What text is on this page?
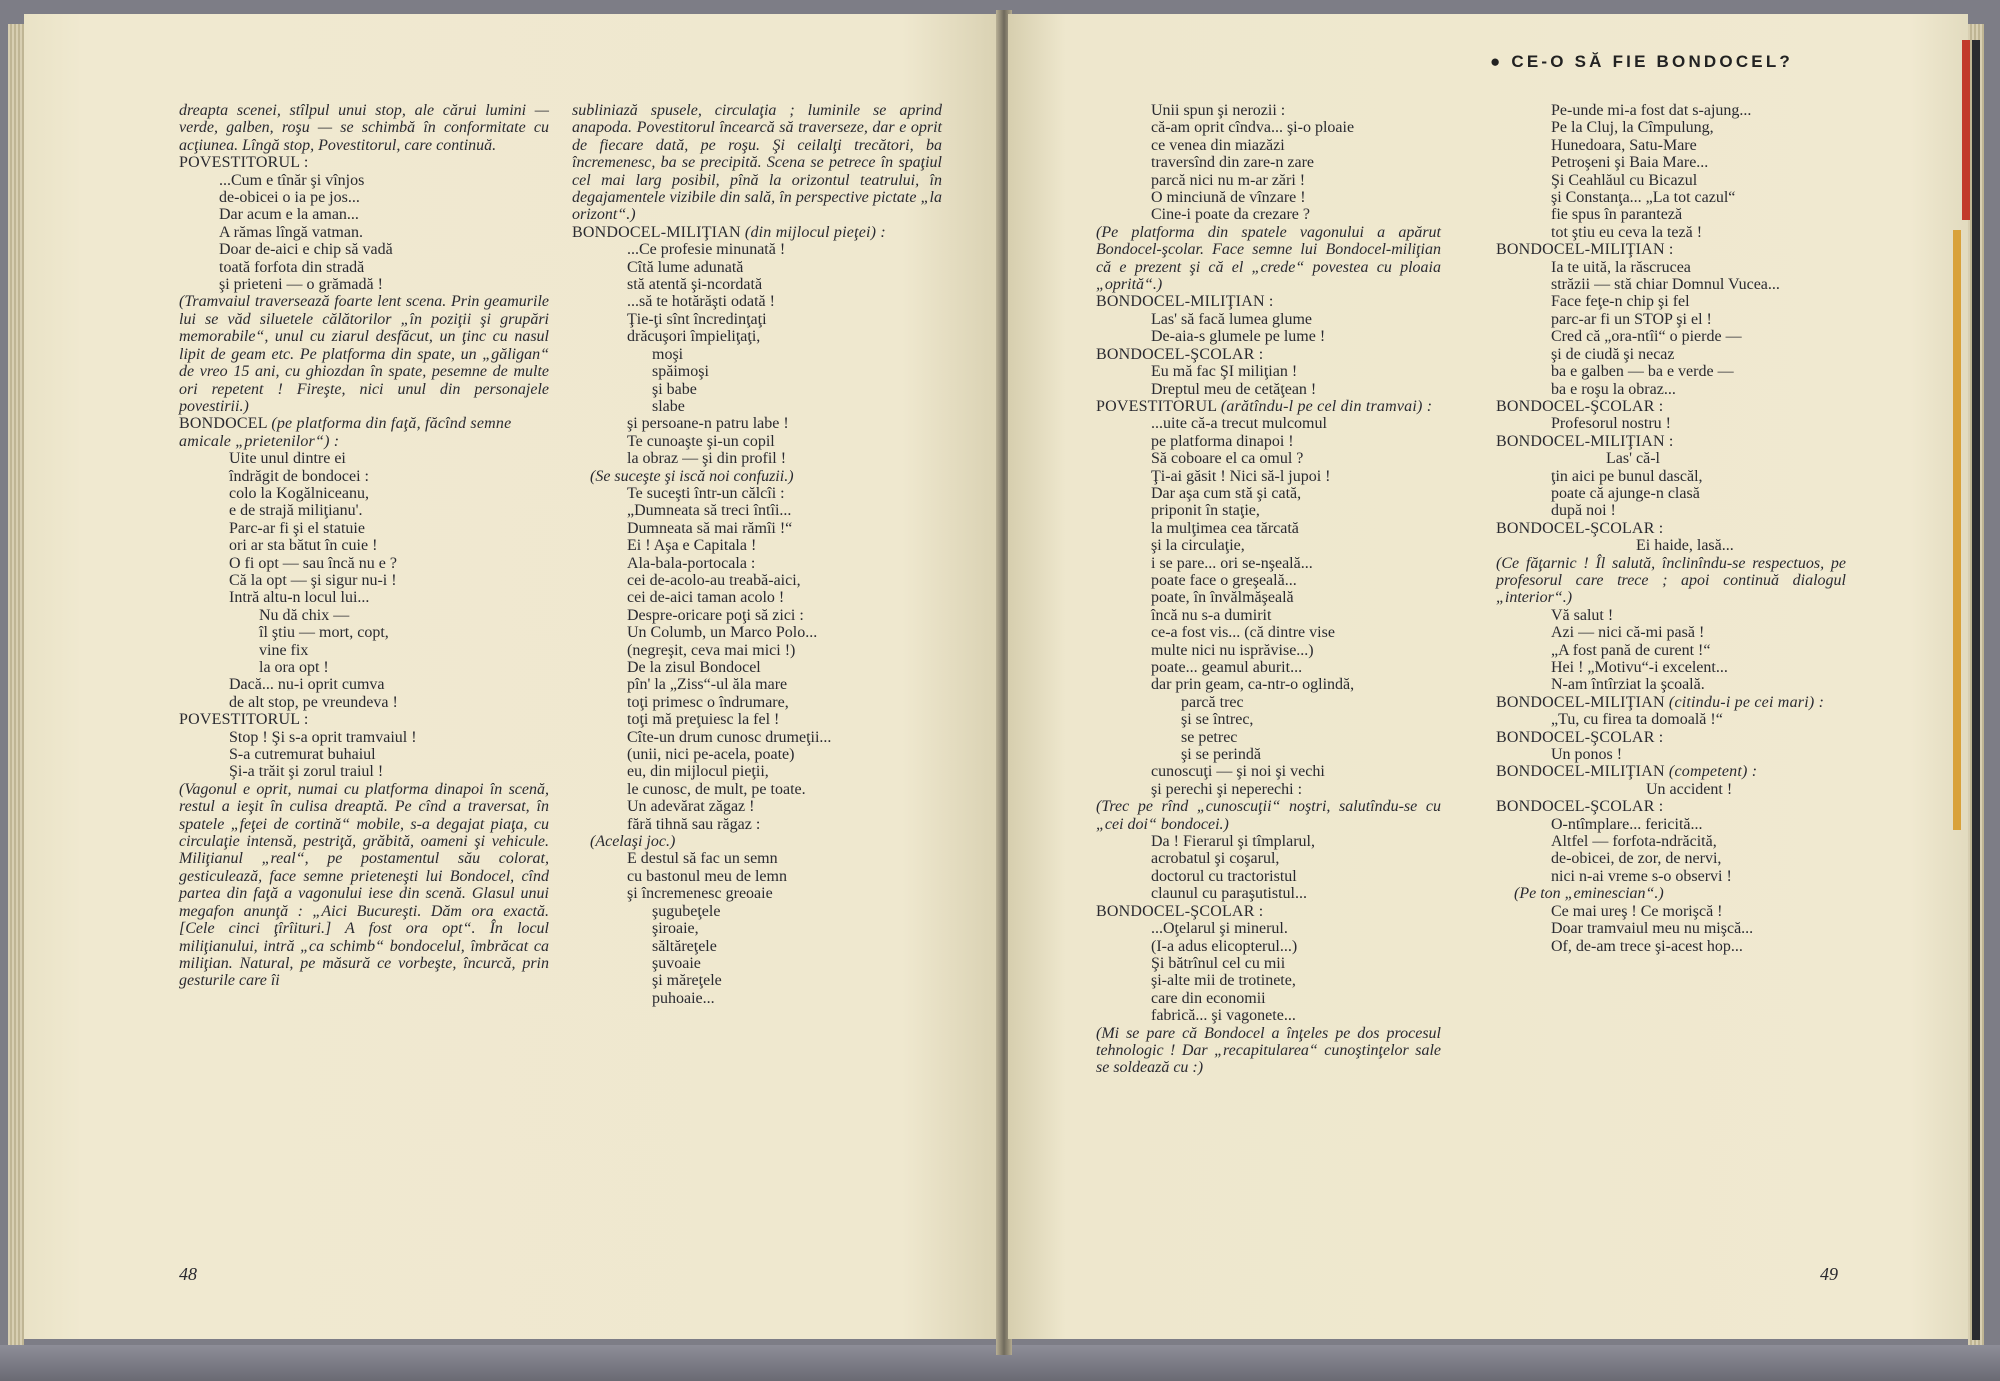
dreapta scenei, stîlpul unui stop, ale cărui lumini — verde, galben, roşu — se schimbă în conformitate cu acţiunea. Lîngă stop, Povestitorul, care continuă.

POVESTITORUL :

...Cum e tînăr şi vînjos
de-obicei o ia pe jos...
Dar acum e la aman...

A rămas lîngă vatman.
Doar de-aici e chip să vadă
toată forfota din stradă
şi prieteni — o grămadă !

(Tramvaiul traversează foarte lent scena. Prin geamurile lui se văd siluetele călătorilor „în poziţii şi grupări memorabile“, unul cu ziarul desfăcut, un ţinc cu nasul lipit de geam etc. Pe platforma din spate, un „găligan“ de vreo 15 ani, cu ghiozdan în spate, pesemne de multe ori repetent ! Fireşte, nici unul din personajele povestirii.)

BONDOCEL (pe platforma din faţă, făcînd semne amicale „prietenilor“) :

Uite unul dintre ei
îndrăgit de bondocei :
colo la Kogălniceanu,
e de strajă miliţianu'.
Parc-ar fi şi el statuie
ori ar sta bătut în cuie !
O fi opt — sau încă nu e ?
Că la opt — şi sigur nu-i !
Intră altu-n locul lui...

Nu dă chix —
îl ştiu — mort, copt,
vine fix
la ora opt !

Dacă... nu-i oprit cumva
de alt stop, pe vreundeva !

POVESTITORUL :

Stop ! Şi s-a oprit tramvaiul !
S-a cutremurat buhaiul
Şi-a trăit şi zorul traiul !

(Vagonul e oprit, numai cu platforma dinapoi în scenă, restul a ieşit în culisa dreaptă. Pe cînd a traversat, în spatele „feţei de cortină“ mobile, s-a degajat piaţa, cu circulaţie intensă, pestriţă, grăbită, oameni şi vehicule. Miliţianul „real“, pe postamentul său colorat, gesticulează, face semne prieteneşti lui Bondocel, cînd partea din faţă a vagonului iese din scenă. Glasul unui megafon anunţă : „Aici Bucureşti. Dăm ora exactă. [Cele cinci ţîrîituri.] A fost ora opt“. În locul miliţianului, intră „ca schimb“ bondocelul, îmbrăcat ca miliţian. Natural, pe măsură ce vorbeşte, încurcă, prin gesturile care îi

subliniază spusele, circulaţia ; luminile se aprind anapoda. Povestitorul încearcă să traverseze, dar e oprit de fiecare dată, pe roşu. Şi ceilalţi trecători, ba încremenesc, ba se precipită. Scena se petrece în spaţiul cel mai larg posibil, pînă la orizontul teatrului, în degajamentele vizibile din sală, în perspective pictate „la orizont“.)

BONDOCEL-MILIŢIAN (din mijlocul pieţei) :

...Ce profesie minunată !
Cîtă lume adunată
stă atentă şi-ncordată
...să te hotărăşti odată !
Ţie-ţi sînt încredinţaţi
drăcuşori împieliţaţi,

moşi
spăimoşi
şi babe
slabe

şi persoane-n patru labe !
Te cunoaşte şi-un copil
la obraz — şi din profil !

(Se suceşte şi iscă noi confuzii.)

Te suceşti într-un călcîi :
„Dumneata să treci întîi...
Dumneata să mai rămîi !“

Ei ! Aşa e Capitala !
Ala-bala-portocala :
cei de-acolo-au treabă-aici,
cei de-aici taman acolo !
Despre-oricare poţi să zici :
Un Columb, un Marco Polo...
(negreşit, ceva mai mici !)

De la zisul Bondocel
pîn' la „Ziss“-ul ăla mare
toţi primesc o îndrumare,
toţi mă preţuiesc la fel !

Cîte-un drum cunosc drumeţii...
(unii, nici pe-acela, poate)
eu, din mijlocul pieţii,
le cunosc, de mult, pe toate.
Un adevărat zăgaz !
fără tihnă sau răgaz :

(Acelaşi joc.)

E destul să fac un semn
cu bastonul meu de lemn
şi încremenesc greoaie

şugubeţele
şiroaie,
săltăreţele
şuvoaie
şi măreţele
puhoaie...

48

Unii spun şi nerozii :
că-am oprit cîndva... şi-o ploaie
ce venea din miazăzi
traversînd din zare-n zare
parcă nici nu m-ar zări !
O minciună de vînzare !
Cine-i poate da crezare ?

(Pe platforma din spatele vagonului a apărut Bondocel-şcolar. Face semne lui Bondocel-miliţian că e prezent şi că el „crede“ povestea cu ploaia „oprită“.)

BONDOCEL-MILIŢIAN :

Las' să facă lumea glume
De-aia-s glumele pe lume !

BONDOCEL-ŞCOLAR :

Eu mă fac ŞI miliţian !
Dreptul meu de cetăţean !

POVESTITORUL (arătîndu-l pe cel din tramvai) :

...uite că-a trecut mulcomul
pe platforma dinapoi !
Să coboare el ca omul ?
Ţi-ai găsit ! Nici să-l jupoi !
Dar aşa cum stă şi cată,
priponit în staţie,
la mulţimea cea tărcată
şi la circulaţie,
i se pare... ori se-nşeală...
poate face o greşeală...
poate, în învălmăşeală
încă nu s-a dumirit
ce-a fost vis... (că dintre vise
multe nici nu isprăvise...)
poate... geamul aburit...
dar prin geam, ca-ntr-o oglindă,

parcă trec
şi se întrec,
se petrec
şi se perindă

cunoscuţi — şi noi şi vechi
şi perechi şi neperechi :

(Trec pe rînd „cunoscuţii“ noştri, salutîndu-se cu „cei doi“ bondocei.)

Da ! Fierarul şi tîmplarul,
acrobatul şi coşarul,
doctorul cu tractoristul
claunul cu paraşutistul...

BONDOCEL-ŞCOLAR :

...Oţelarul şi minerul.
(I-a adus elicopterul...)
Şi bătrînul cel cu mii
şi-alte mii de trotinete,
care din economii
fabrică... şi vagonete...

(Mi se pare că Bondocel a înţeles pe dos procesul tehnologic ! Dar „recapitularea“ cunoştinţelor sale se soldează cu :)

Pe-unde mi-a fost dat s-ajung...
Pe la Cluj, la Cîmpulung,
Hunedoara, Satu-Mare
Petroşeni şi Baia Mare...
Şi Ceahlăul cu Bicazul
şi Constanţa... „La tot cazul“
fie spus în paranteză
tot ştiu eu ceva la teză !

BONDOCEL-MILIŢIAN :

Ia te uită, la răscrucea
străzii — stă chiar Domnul Vucea...
Face feţe-n chip şi fel
parc-ar fi un STOP şi el !
Cred că „ora-ntîi“ o pierde —
şi de ciudă şi necaz
ba e galben — ba e verde —
ba e roşu la obraz...

BONDOCEL-ŞCOLAR :

Profesorul nostru !

BONDOCEL-MILIŢIAN :

Las' că-l

ţin aici pe bunul dascăl,
poate că ajunge-n clasă
după noi !

BONDOCEL-ŞCOLAR :

Ei haide, lasă...

(Ce făţarnic ! Îl salută, înclinîndu-se respectuos, pe profesorul care trece ; apoi continuă dialogul „interior“.)

Vă salut !

Azi — nici că-mi pasă !
„A fost pană de curent !“
Hei ! „Motivu“-i excelent...
N-am întîrziat la şcoală.

BONDOCEL-MILIŢIAN (citindu-i pe cei mari) :

„Tu, cu firea ta domoală !“

BONDOCEL-ŞCOLAR :

Un ponos !

BONDOCEL-MILIŢIAN (competent) :

Un accident !

BONDOCEL-ŞCOLAR :

O-ntîmplare... fericită...
Altfel — forfota-ndrăcită,
de-obicei, de zor, de nervi,
nici n-ai vreme s-o observi !

(Pe ton „eminescian“.)

Ce mai ureş ! Ce morişcă !
Doar tramvaiul meu nu mişcă...
Of, de-am trece şi-acest hop...

49
● CE-O SĂ FIE BONDOCEL?
